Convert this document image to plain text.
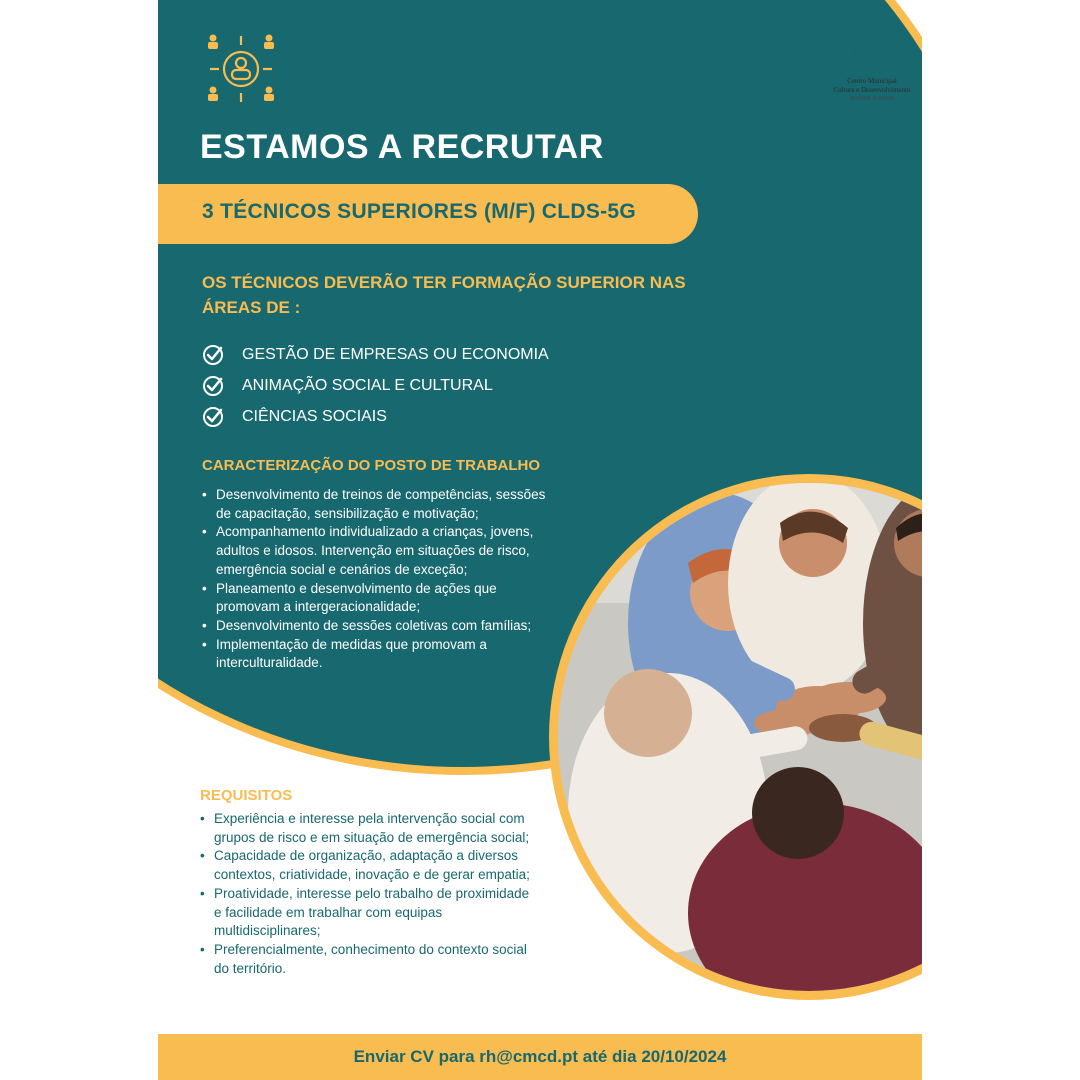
Centro Municipal
Cultura e Desenvolvimento
IDANHA-A-NOVA
ESTAMOS A RECRUTAR
3 TÉCNICOS SUPERIORES (M/F) CLDS-5G
OS TÉCNICOS DEVERÃO TER FORMAÇÃO SUPERIOR NAS ÁREAS DE :
GESTÃO DE EMPRESAS OU ECONOMIA
ANIMAÇÃO SOCIAL E CULTURAL
CIÊNCIAS SOCIAIS
CARACTERIZAÇÃO DO POSTO DE TRABALHO
• Desenvolvimento de treinos de competências, sessões de capacitação, sensibilização e motivação;
• Acompanhamento individualizado a crianças, jovens, adultos e idosos. Intervenção em situações de risco, emergência social e cenários de exceção;
• Planeamento e desenvolvimento de ações que promovam a intergeracionalidade;
• Desenvolvimento de sessões coletivas com famílias;
• Implementação de medidas que promovam a interculturalidade.
REQUISITOS
• Experiência e interesse pela intervenção social com grupos de risco e em situação de emergência social;
• Capacidade de organização, adaptação a diversos contextos, criatividade, inovação e de gerar empatia;
• Proatividade, interesse pelo trabalho de proximidade e facilidade em trabalhar com equipas multidisciplinares;
• Preferencialmente, conhecimento do contexto social do território.
Enviar CV para rh@cmcd.pt até dia 20/10/2024
